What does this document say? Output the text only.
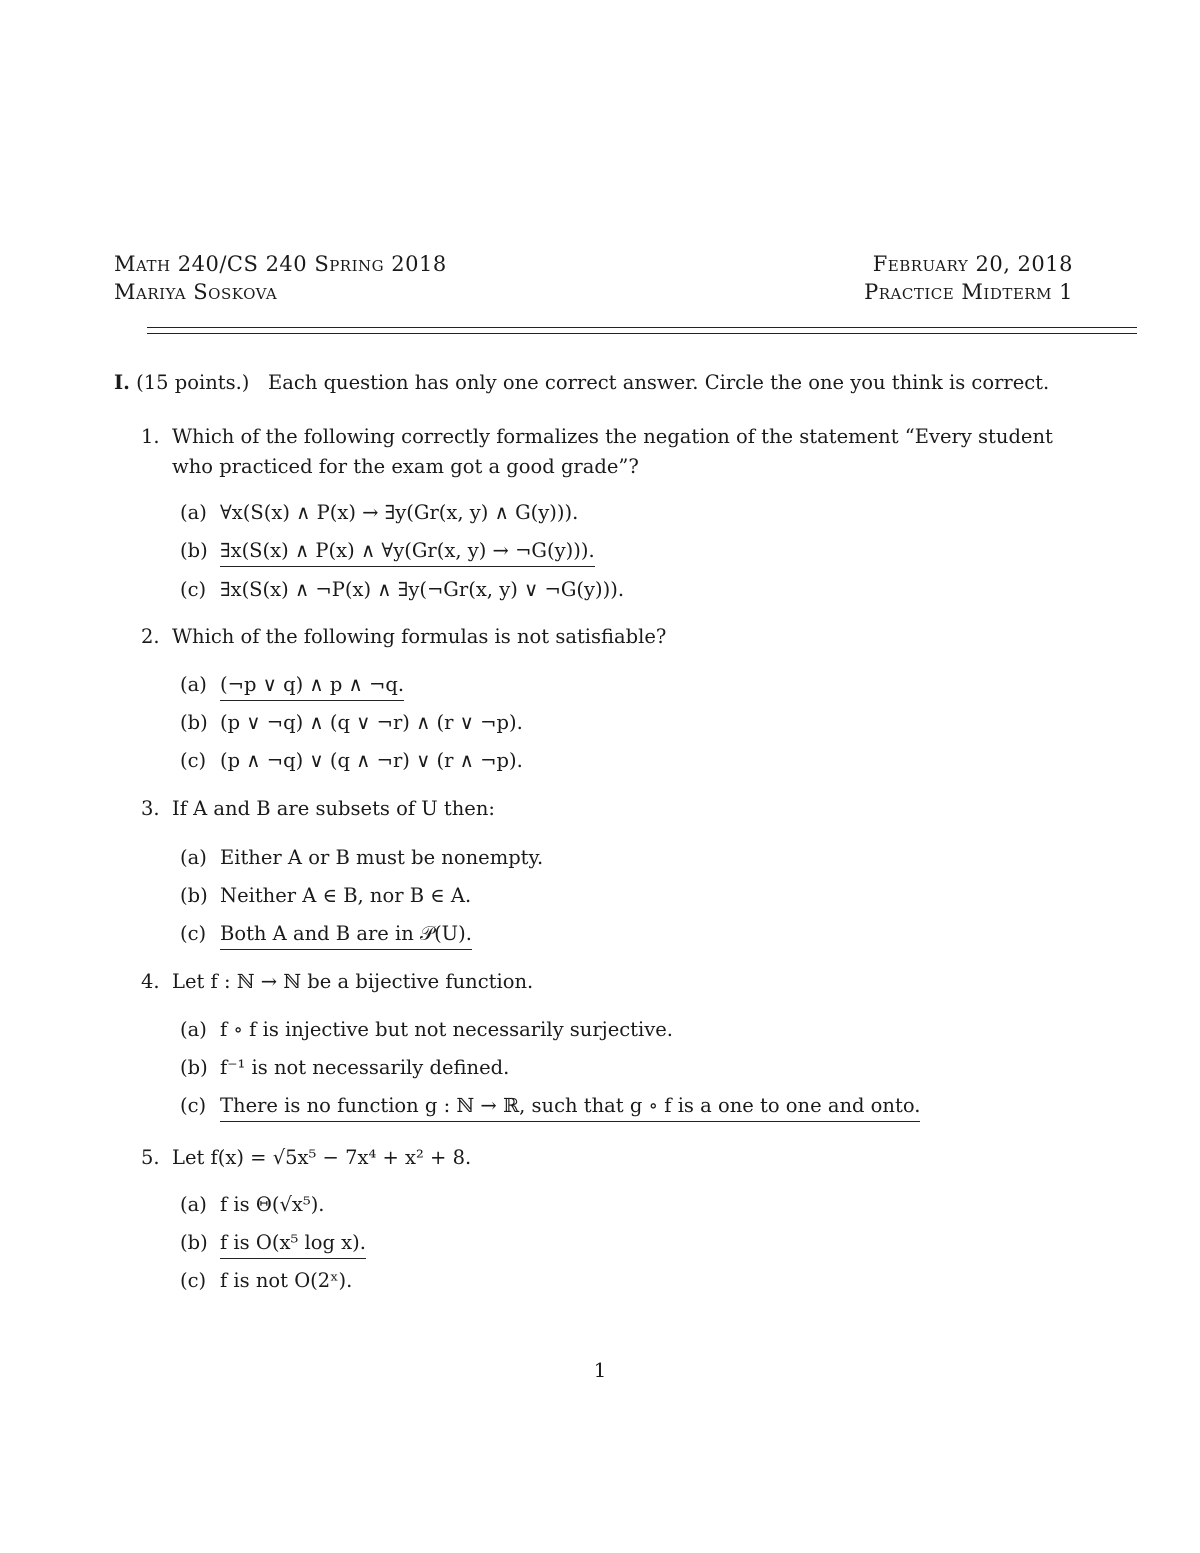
Math 240/CS 240 Spring 2018
Mariya Soskova
February 20, 2018
Practice Midterm 1
I. (15 points.) Each question has only one correct answer. Circle the one you think is correct.
1. Which of the following correctly formalizes the negation of the statement “Every student
who practiced for the exam got a good grade”?
(a) ∀x(S(x) ∧ P(x) → ∃y(Gr(x, y) ∧ G(y))).
(b) ∃x(S(x) ∧ P(x) ∧ ∀y(Gr(x, y) → ¬G(y))).
(c) ∃x(S(x) ∧ ¬P(x) ∧ ∃y(¬Gr(x, y) ∨ ¬G(y))).
2. Which of the following formulas is not satisfiable?
(a) (¬p ∨ q) ∧ p ∧ ¬q.
(b) (p ∨ ¬q) ∧ (q ∨ ¬r) ∧ (r ∨ ¬p).
(c) (p ∧ ¬q) ∨ (q ∧ ¬r) ∨ (r ∧ ¬p).
3. If A and B are subsets of U then:
(a) Either A or B must be nonempty.
(b) Neither A ∈ B, nor B ∈ A.
(c) Both A and B are in 𝒫(U).
4. Let f : ℕ → ℕ be a bijective function.
(a) f ∘ f is injective but not necessarily surjective.
(b) f⁻¹ is not necessarily defined.
(c) There is no function g : ℕ → ℝ, such that g ∘ f is a one to one and onto.
5. Let f(x) = √5x⁵ − 7x⁴ + x² + 8.
(a) f is Θ(√x⁵).
(b) f is O(x⁵ log x).
(c) f is not O(2ˣ).
1
